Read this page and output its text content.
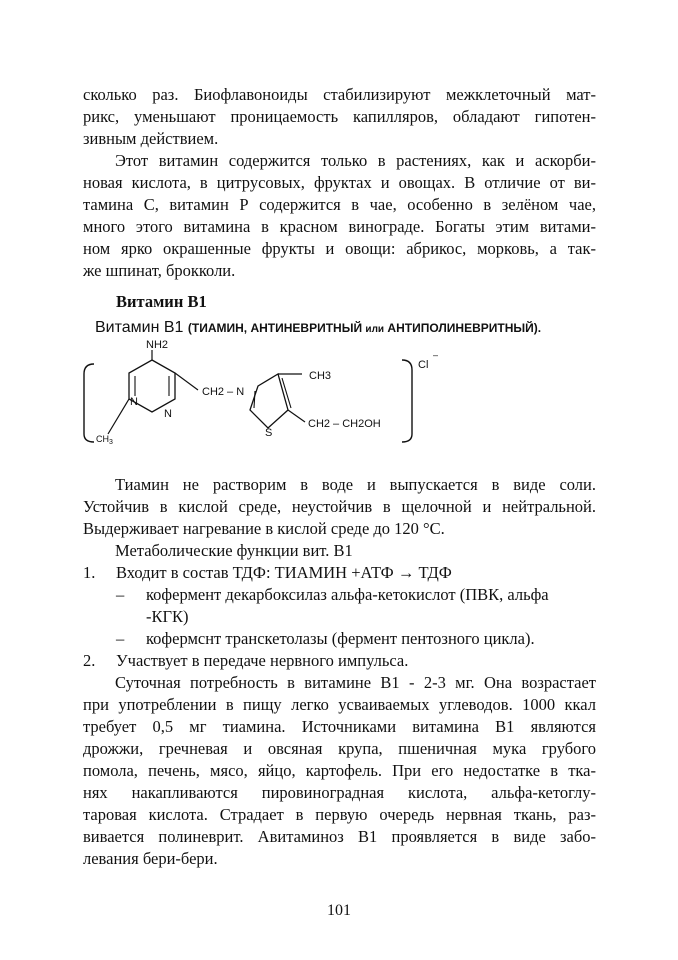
сколько раз. Биофлавоноиды стабилизируют межклеточный мат-
рикс, уменьшают проницаемость капилляров, обладают гипотен-
зивным действием.
Этот витамин содержится только в растениях, как и аскорби-
новая кислота, в цитрусовых, фруктах и овощах. В отличие от ви-
тамина С, витамин Р содержится в чае, особенно в зелёном чае,
много этого витамина в красном винограде. Богаты этим витами-
ном ярко окрашенные фрукты и овощи: абрикос, морковь, а так-
же шпинат, брокколи.
Витамин В1
Витамин В1 (ТИАМИН, АНТИНЕВРИТНЫЙ или АНТИПОЛИНЕВРИТНЫЙ).
NH2
N
N
$CH_3$
CH2 – N
CH3
S
CH2 – CH2OH
Cl
–
Тиамин не растворим в воде и выпускается в виде соли.
Устойчив в кислой среде, неустойчив в щелочной и нейтральной.
Выдерживает нагревание в кислой среде до 120 °С.
Метаболические функции вит. В1
1. Входит в состав ТДФ: ТИАМИН +АТФ → ТДФ
– кофермент декарбоксилаз альфа-кетокислот (ПВК, альфа
-КГК)
– кофермснт транскетолазы (фермент пентозного цикла).
2. Участвует в передаче нервного импульса.
Суточная потребность в витамине В1 - 2-3 мг. Она возрастает
при употреблении в пищу легко усваиваемых углеводов. 1000 ккал
требует 0,5 мг тиамина. Источниками витамина В1 являются
дрожжи, гречневая и овсяная крупа, пшеничная мука грубого
помола, печень, мясо, яйцо, картофель. При его недостатке в тка-
нях накапливаются пировиноградная кислота, альфа-кетоглу-
таровая кислота. Страдает в первую очередь нервная ткань, раз-
вивается полиневрит. Авитаминоз В1 проявляется в виде забо-
левания бери-бери.
101
